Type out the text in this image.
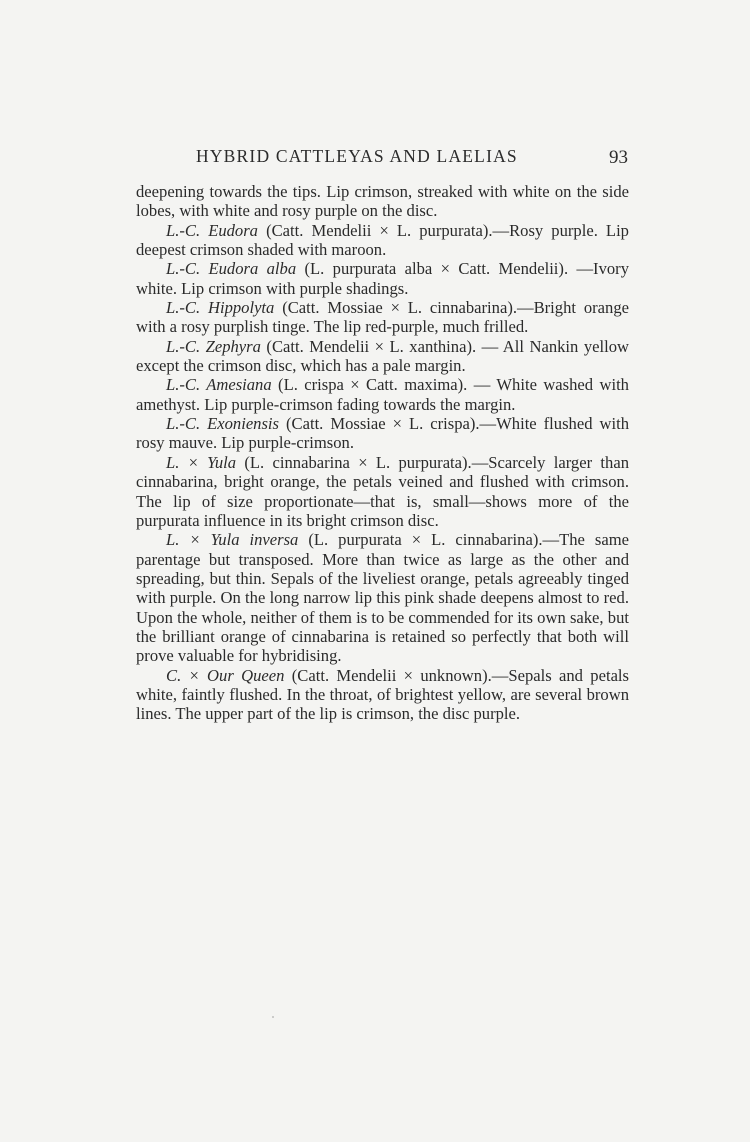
HYBRID CATTLEYAS AND LAELIAS	93

deepening towards the tips. Lip crimson, streaked with white on the side lobes, with white and rosy purple on the disc.

L.-C. Eudora (Catt. Mendelii × L. purpurata).—Rosy purple. Lip deepest crimson shaded with maroon.

L.-C. Eudora alba (L. purpurata alba × Catt. Mendelii). —Ivory white. Lip crimson with purple shadings.

L.-C. Hippolyta (Catt. Mossiae × L. cinnabarina).—Bright orange with a rosy purplish tinge. The lip red-purple, much frilled.

L.-C. Zephyra (Catt. Mendelii × L. xanthina). — All Nankin yellow except the crimson disc, which has a pale margin.

L.-C. Amesiana (L. crispa × Catt. maxima). — White washed with amethyst. Lip purple-crimson fading towards the margin.

L.-C. Exoniensis (Catt. Mossiae × L. crispa).—White flushed with rosy mauve. Lip purple-crimson.

L. × Yula (L. cinnabarina × L. purpurata).—Scarcely larger than cinnabarina, bright orange, the petals veined and flushed with crimson. The lip of size proportionate—that is, small—shows more of the purpurata influence in its bright crimson disc.

L. × Yula inversa (L. purpurata × L. cinnabarina).—The same parentage but transposed. More than twice as large as the other and spreading, but thin. Sepals of the liveliest orange, petals agreeably tinged with purple. On the long narrow lip this pink shade deepens almost to red. Upon the whole, neither of them is to be commended for its own sake, but the brilliant orange of cinnabarina is retained so perfectly that both will prove valuable for hybridising.

C. × Our Queen (Catt. Mendelii × unknown).—Sepals and petals white, faintly flushed. In the throat, of brightest yellow, are several brown lines. The upper part of the lip is crimson, the disc purple.
